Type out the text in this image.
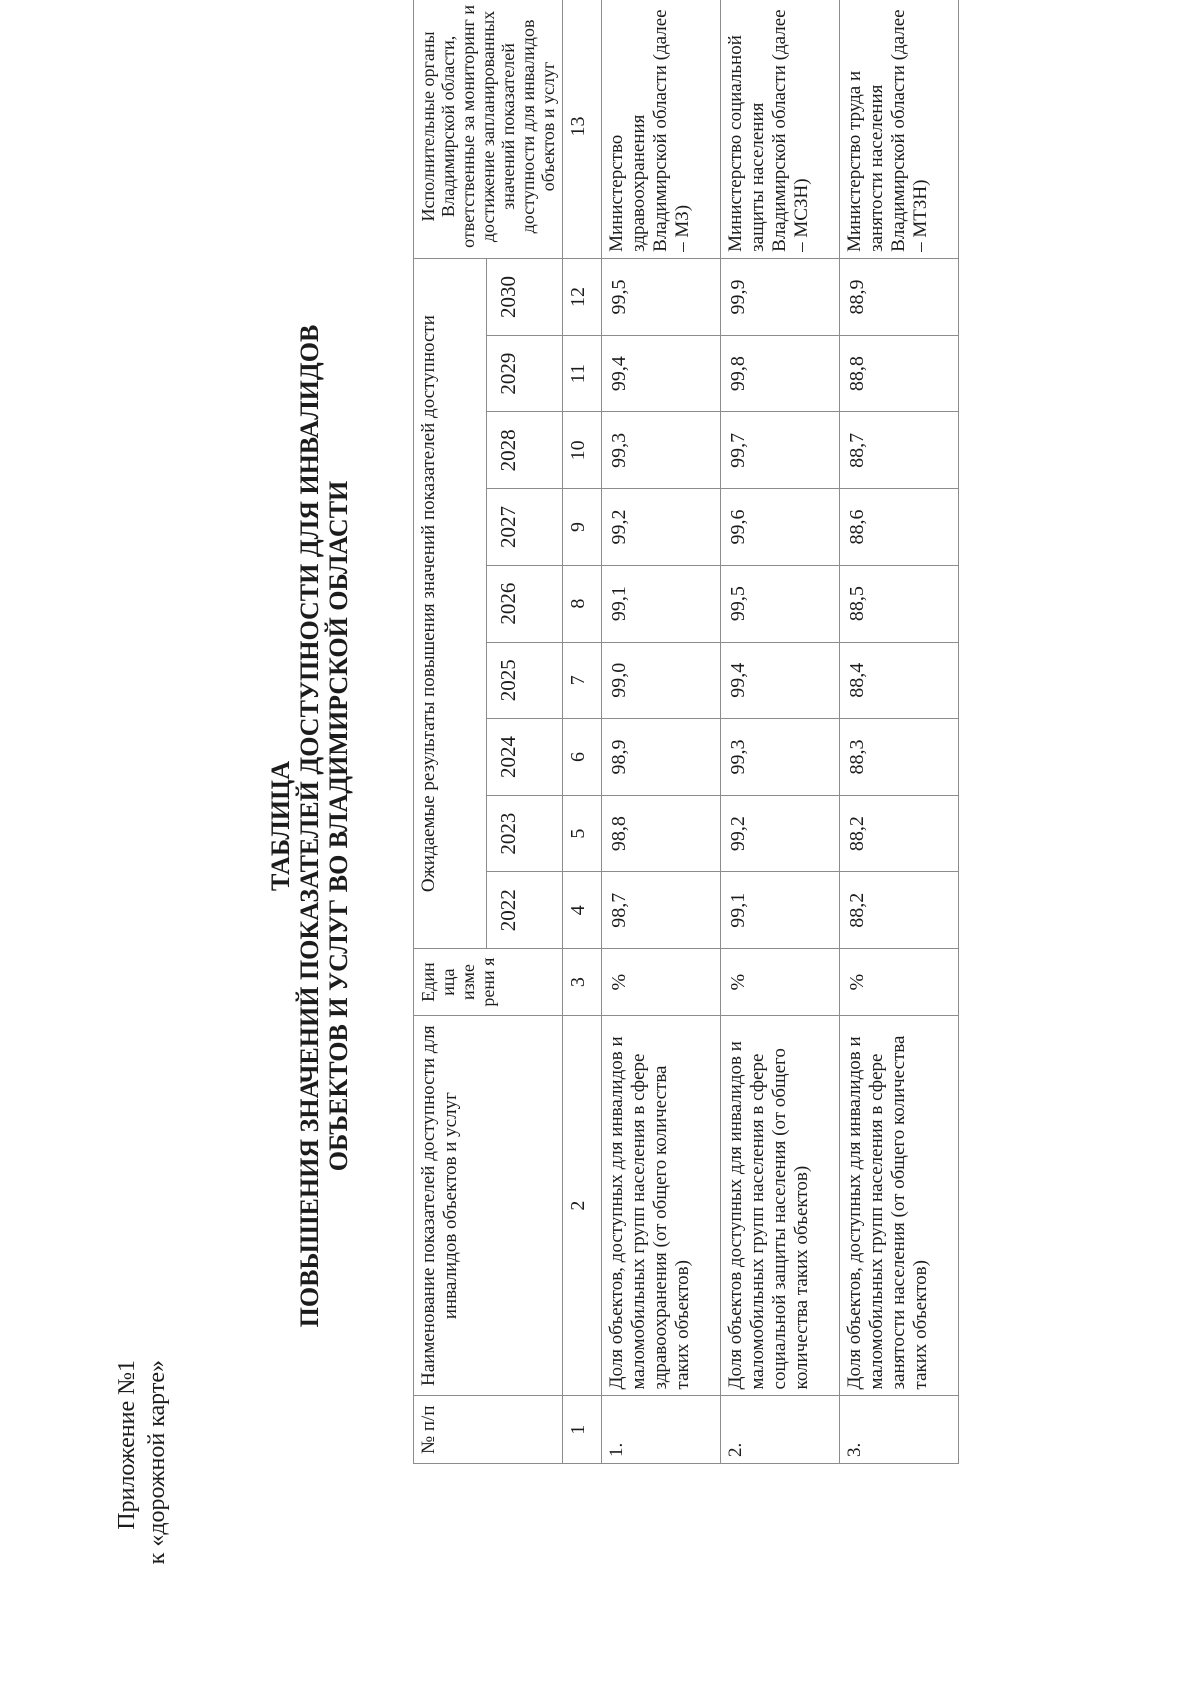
Приложение №1 к «дорожной карте»
ТАБЛИЦА ПОВЫШЕНИЯ ЗНАЧЕНИЙ ПОКАЗАТЕЛЕЙ ДОСТУПНОСТИ ДЛЯ ИНВАЛИДОВ ОБЪЕКТОВ И УСЛУГ ВО ВЛАДИМИРСКОЙ ОБЛАСТИ
№ п/п	Наименование показателей доступности для инвалидов объектов и услуг	Един ица изме рени я	Ожидаемые результаты повышения значений показателей доступности									Исполнительные органы Владимирской области, ответственные за мониторинг и достижение запланированных значений показателей доступности для инвалидов объектов и услуг
			2022	2023	2024	2025	2026	2027	2028	2029	2030	
1	2	3	4	5	6	7	8	9	10	11	12	13
1.	Доля объектов, доступных для инвалидов и маломобильных групп населения в сфере здравоохранения (от общего количества таких объектов)	%	98,7	98,8	98,9	99,0	99,1	99,2	99,3	99,4	99,5	Министерство здравоохранения Владимирской области (далее – МЗ)
2.	Доля объектов доступных для инвалидов и маломобильных групп населения в сфере социальной защиты населения (от общего количества таких объектов)	%	99,1	99,2	99,3	99,4	99,5	99,6	99,7	99,8	99,9	Министерство социальной защиты населения Владимирской области (далее – МСЗН)
3.	Доля объектов, доступных для инвалидов и маломобильных групп населения в сфере занятости населения (от общего количества таких объектов)	%	88,2	88,2	88,3	88,4	88,5	88,6	88,7	88,8	88,9	Министерство труда и занятости населения Владимирской области (далее – МТЗН)
